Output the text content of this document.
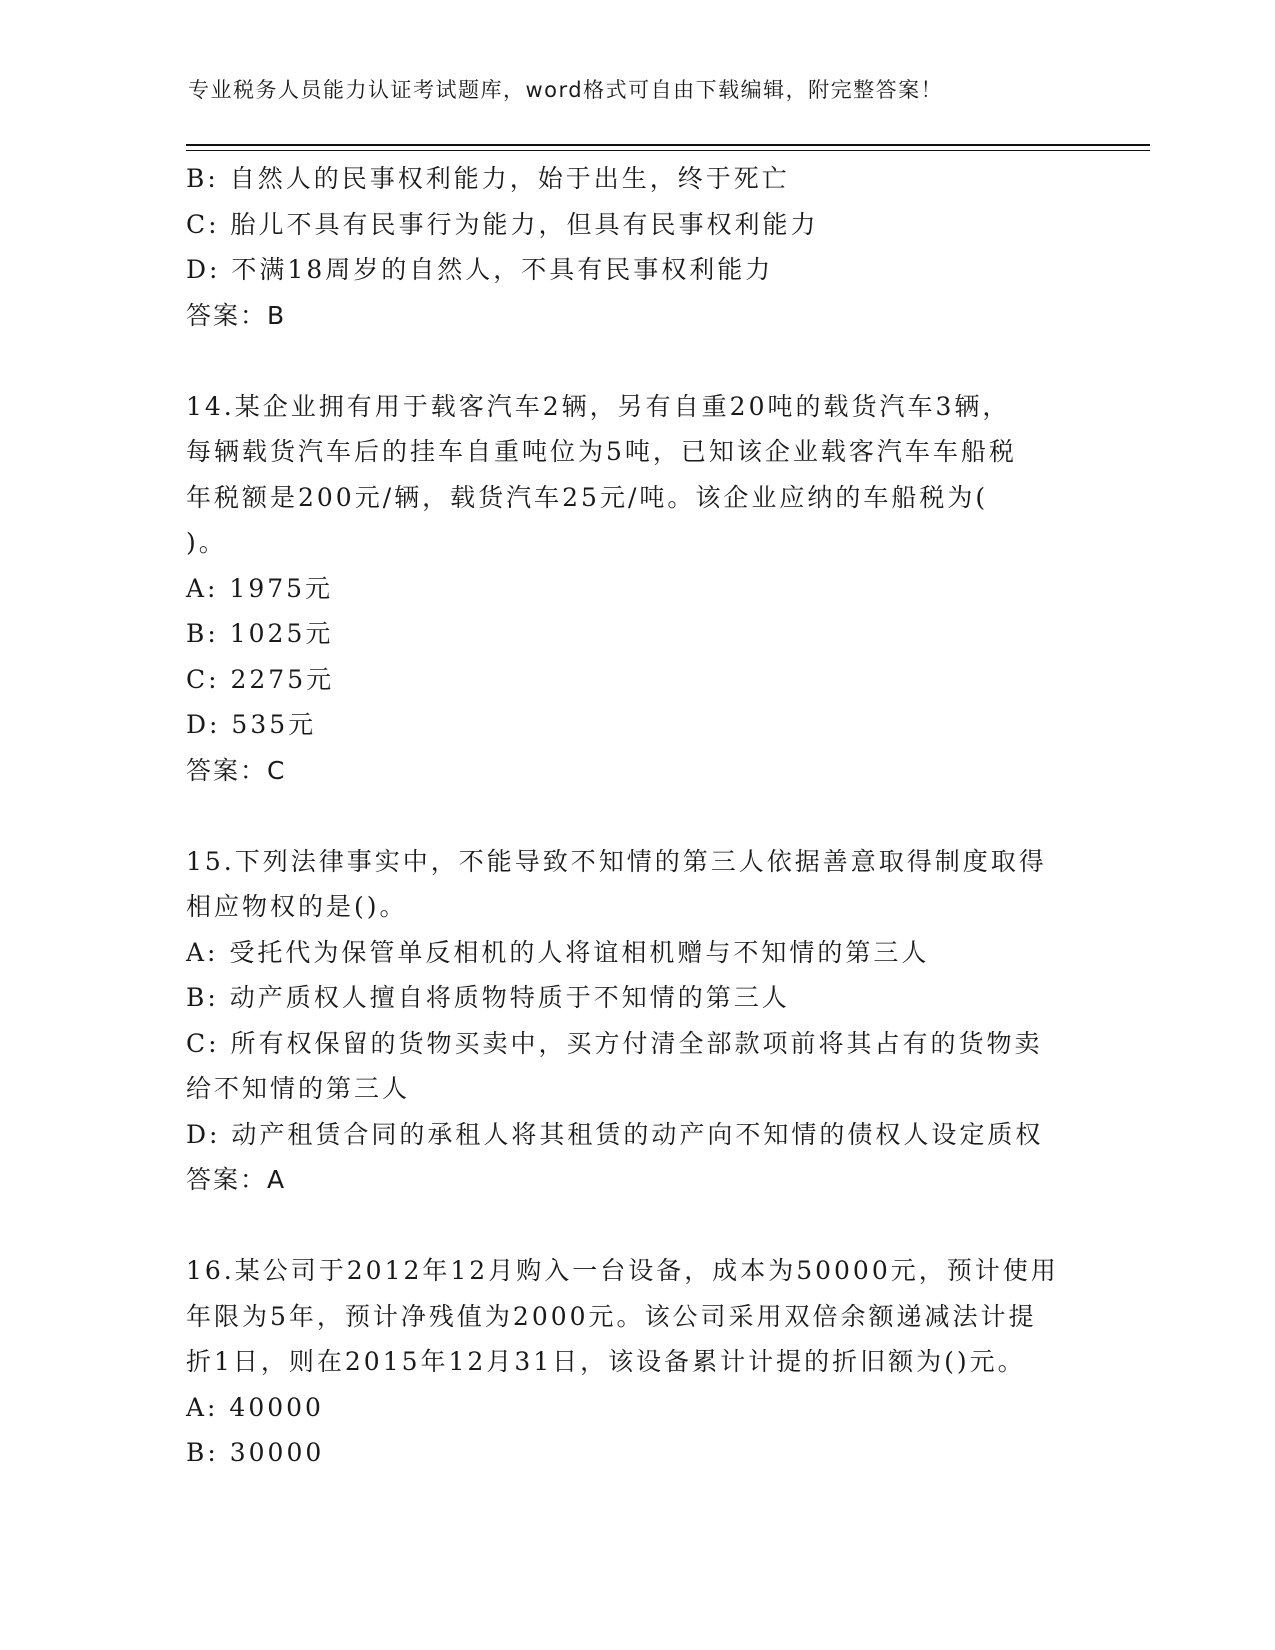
专业税务人员能力认证考试题库，word格式可自由下载编辑，附完整答案！
B: 自然人的民事权利能力，始于出生，终于死亡
C: 胎儿不具有民事行为能力，但具有民事权利能力
D: 不满18周岁的自然人，不具有民事权利能力
答案：B
14.某企业拥有用于载客汽车2辆，另有自重20吨的载货汽车3辆，
每辆载货汽车后的挂车自重吨位为5吨，已知该企业载客汽车车船税
年税额是200元/辆，载货汽车25元/吨。该企业应纳的车船税为(
)。
A: 1975元
B: 1025元
C: 2275元
D: 535元
答案：C
15.下列法律事实中，不能导致不知情的第三人依据善意取得制度取得
相应物权的是()。
A: 受托代为保管单反相机的人将谊相机赠与不知情的第三人
B: 动产质权人擅自将质物特质于不知情的第三人
C: 所有权保留的货物买卖中，买方付清全部款项前将其占有的货物卖
给不知情的第三人
D: 动产租赁合同的承租人将其租赁的动产向不知情的债权人设定质权
答案：A
16.某公司于2012年12月购入一台设备，成本为50000元，预计使用
年限为5年，预计净残值为2000元。该公司采用双倍余额递减法计提
折1日，则在2015年12月31日，该设备累计计提的折旧额为()元。
A: 40000
B: 30000
